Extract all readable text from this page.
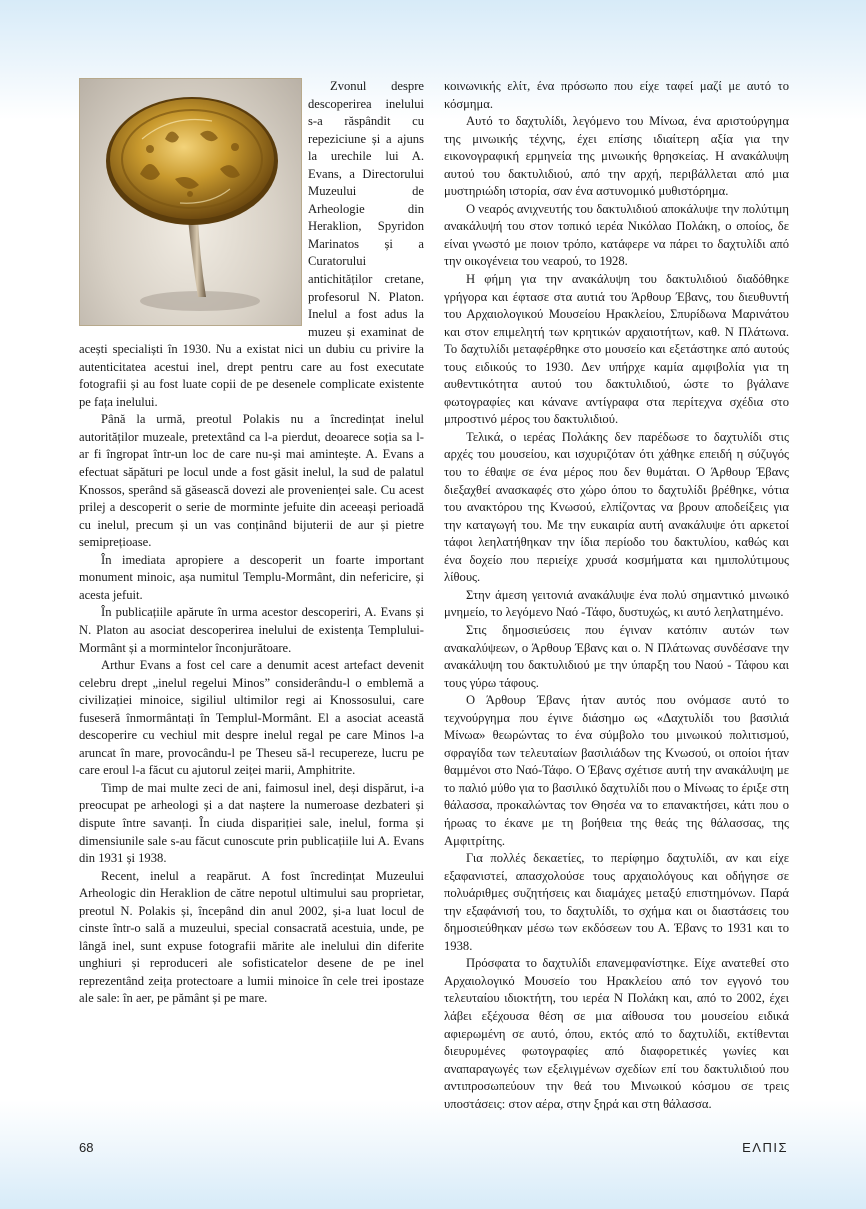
Zvonul despre descoperirea inelului s-a răspândit cu repeziciune și a ajuns la urechile lui A. Evans, a Directorului Muzeului de Arheologie din Heraklion, Spyridon Marinatos și a Curatorului antichităților cretane, profesorul N. Platon. Inelul a fost adus la muzeu și examinat de acești specialiști în 1930. Nu a existat nici un dubiu cu privire la autenticitatea acestui inel, drept pentru care au fost executate fotografii și au fost luate copii de pe desenele complicate existente pe fața inelului.

Până la urmă, preotul Polakis nu a încredințat inelul autorităților muzeale, pretextând ca l-a pierdut, deoarece soția sa l-ar fi îngropat într-un loc de care nu-și mai amintește. A. Evans a efectuat săpături pe locul unde a fost găsit inelul, la sud de palatul Knossos, sperând să găsească dovezi ale provenienței sale. Cu acest prilej a descoperit o serie de morminte jefuite din aceeași perioadă cu inelul, precum și un vas conținând bijuterii de aur și pietre semiprețioase.

În imediata apropiere a descoperit un foarte important monument minoic, așa numitul Templu-Mormânt, din nefericire, și acesta jefuit.

În publicațiile apărute în urma acestor descoperiri, A. Evans și N. Platon au asociat descoperirea inelului de existența Templului-Mormânt și a mormintelor înconjurătoare.

Arthur Evans a fost cel care a denumit acest artefact devenit celebru drept „inelul regelui Minos” considerându-l o emblemă a civilizației minoice, sigiliul ultimilor regi ai Knossosului, care fuseseră înmormântați în Templul-Mormânt. El a asociat această descoperire cu vechiul mit despre inelul regal pe care Minos l-a aruncat în mare, provocându-l pe Theseu să-l recupereze, lucru pe care eroul l-a făcut cu ajutorul zeiței marii, Amphitrite.

Timp de mai multe zeci de ani, faimosul inel, deși dispărut, i-a preocupat pe arheologi și a dat naștere la numeroase dezbateri și dispute între savanți. În ciuda dispariției sale, inelul, forma și dimensiunile sale s-au făcut cunoscute prin publicațiile lui A. Evans din 1931 și 1938.

Recent, inelul a reapărut. A fost încredințat Muzeului Arheologic din Heraklion de către nepotul ultimului sau proprietar, preotul N. Polakis și, începând din anul 2002, și-a luat locul de cinste într-o sală a muzeului, special consacrată acestuia, unde, pe lângă inel, sunt expuse fotografii mărite ale inelului din diferite unghiuri și reproduceri ale sofisticatelor desene de pe inel reprezentând zeița protectoare a lumii minoice în cele trei ipostaze ale sale: în aer, pe pământ și pe mare.

κοινωνικής ελίτ, ένα πρόσωπο που είχε ταφεί μαζί με αυτό το κόσμημα.

Αυτό το δαχτυλίδι, λεγόμενο του Μίνωα, ένα αριστούργημα της μινωικής τέχνης, έχει επίσης ιδιαίτερη αξία για την εικονογραφική ερμηνεία της μινωικής θρησκείας. Η ανακάλυψη αυτού του δακτυλιδιού, από την αρχή, περιβάλλεται από μια μυστηριώδη ιστορία, σαν ένα αστυνομικό μυθιστόρημα.

Ο νεαρός ανιχνευτής του δακτυλιδιού αποκάλυψε την πολύτιμη ανακάλυψή του στον τοπικό ιερέα Νικόλαο Πολάκη, ο οποίος, δε είναι γνωστό με ποιον τρόπο, κατάφερε να πάρει το δαχτυλίδι από την οικογένεια του νεαρού, το 1928.

Η φήμη για την ανακάλυψη του δακτυλιδιού διαδόθηκε γρήγορα και έφτασε στα αυτιά του Άρθουρ Έβανς, του διευθυντή του Αρχαιολογικού Μουσείου Ηρακλείου, Σπυρίδωνα Μαρινάτου και στον επιμελητή των κρητικών αρχαιοτήτων, καθ. Ν Πλάτωνα. Το δαχτυλίδι μεταφέρθηκε στο μουσείο και εξετάστηκε από αυτούς τους ειδικούς το 1930. Δεν υπήρχε καμία αμφιβολία για τη αυθεντικότητα αυτού του δακτυλιδιού, ώστε το βγάλανε φωτογραφίες και κάνανε αντίγραφα στα περίτεχνα σχέδια στο μπροστινό μέρος του δακτυλιδιού.

Τελικά, ο ιερέας Πολάκης δεν παρέδωσε το δαχτυλίδι στις αρχές του μουσείου, και ισχυριζόταν ότι χάθηκε επειδή η σύζυγός του το έθαψε σε ένα μέρος που δεν θυμάται. Ο Άρθουρ Έβανς διεξαχθεί ανασκαφές στο χώρο όπου το δαχτυλίδι βρέθηκε, νότια του ανακτόρου της Κνωσού, ελπίζοντας να βρουν αποδείξεις για την καταγωγή του. Με την ευκαιρία αυτή ανακάλυψε ότι αρκετοί τάφοι λεηλατήθηκαν την ίδια περίοδο του δακτυλίου, καθώς και ένα δοχείο που περιείχε χρυσά κοσμήματα και ημιπολύτιμους λίθους.

Στην άμεση γειτονιά ανακάλυψε ένα πολύ σημαντικό μινωικό μνημείο, το λεγόμενο Ναό -Τάφο, δυστυχώς, κι αυτό λεηλατημένο.

Στις δημοσιεύσεις που έγιναν κατόπιν αυτών των ανακαλύψεων, ο Άρθουρ Έβανς και ο. Ν Πλάτωνας συνδέσανε την ανακάλυψη του δακτυλιδιού με την ύπαρξη του Ναού - Τάφου και τους γύρω τάφους.

Ο Άρθουρ Έβανς ήταν αυτός που ονόμασε αυτό το τεχνούργημα που έγινε διάσημο ως «Δαχτυλίδι του βασιλιά Μίνωα» θεωρώντας το ένα σύμβολο του μινωικού πολιτισμού, σφραγίδα των τελευταίων βασιλιάδων της Κνωσού, οι οποίοι ήταν θαμμένοι στο Ναό-Τάφο. Ο Έβανς σχέτισε αυτή την ανακάλυψη με το παλιό μύθο για το βασιλικό δαχτυλίδι που ο Μίνωας το έριξε στη θάλασσα, προκαλώντας τον Θησέα να το επανακτήσει, κάτι που ο ήρωας το έκανε με τη βοήθεια της θεάς της θάλασσας, της Αμφιτρίτης.

Για πολλές δεκαετίες, το περίφημο δαχτυλίδι, αν και είχε εξαφανιστεί, απασχολούσε τους αρχαιολόγους και οδήγησε σε πολυάριθμες συζητήσεις και διαμάχες μεταξύ επιστημόνων. Παρά την εξαφάνισή του, το δαχτυλίδι, το σχήμα και οι διαστάσεις του δημοσιεύθηκαν μέσω των εκδόσεων του Α. Έβανς το 1931 και το 1938.

Πρόσφατα το δαχτυλίδι επανεμφανίστηκε. Είχε ανατεθεί στο Αρχαιολογικό Μουσείο του Ηρακλείου από τον εγγονό του τελευταίου ιδιοκτήτη, του ιερέα Ν Πολάκη και, από το 2002, έχει λάβει εξέχουσα θέση σε μια αίθουσα του μουσείου ειδικά αφιερωμένη σε αυτό, όπου, εκτός από το δαχτυλίδι, εκτίθενται διευρυμένες φωτογραφίες από διαφορετικές γωνίες και αναπαραγωγές των εξελιγμένων σχεδίων επί του δακτυλιδιού που αντιπροσωπεύουν την θεά του Μινωικού κόσμου σε τρεις υποστάσεις: στον αέρα, στην ξηρά και στη θάλασσα.

68	ΕΛΠΙΣ
